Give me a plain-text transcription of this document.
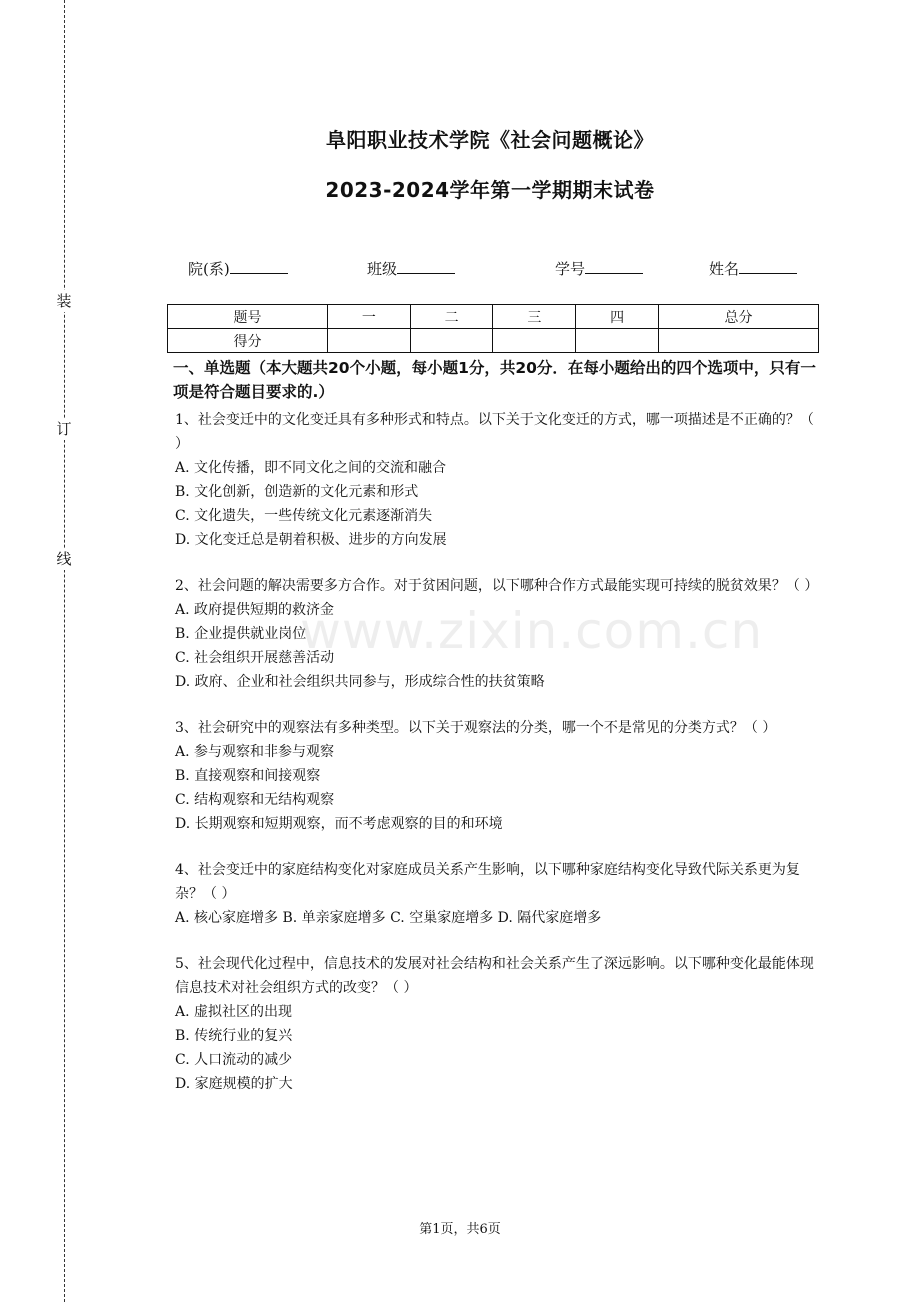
装
订
线
阜阳职业技术学院《社会问题概论》
2023-2024学年第一学期期末试卷
院(系)	班级	学号	姓名
题号	一	二	三	四	总分
得分					
一、单选题（本大题共20个小题，每小题1分，共20分．在每小题给出的四个选项中，只有一项是符合题目要求的.）
1、社会变迁中的文化变迁具有多种形式和特点。以下关于文化变迁的方式，哪一项描述是不正确的？（ ）
A. 文化传播，即不同文化之间的交流和融合
B. 文化创新，创造新的文化元素和形式
C. 文化遗失，一些传统文化元素逐渐消失
D. 文化变迁总是朝着积极、进步的方向发展
2、社会问题的解决需要多方合作。对于贫困问题，以下哪种合作方式最能实现可持续的脱贫效果？（ ）
A. 政府提供短期的救济金
B. 企业提供就业岗位
C. 社会组织开展慈善活动
D. 政府、企业和社会组织共同参与，形成综合性的扶贫策略
3、社会研究中的观察法有多种类型。以下关于观察法的分类，哪一个不是常见的分类方式？（ ）
A. 参与观察和非参与观察
B. 直接观察和间接观察
C. 结构观察和无结构观察
D. 长期观察和短期观察，而不考虑观察的目的和环境
4、社会变迁中的家庭结构变化对家庭成员关系产生影响，以下哪种家庭结构变化导致代际关系更为复杂？（ ）
A. 核心家庭增多 B. 单亲家庭增多 C. 空巢家庭增多 D. 隔代家庭增多
5、社会现代化过程中，信息技术的发展对社会结构和社会关系产生了深远影响。以下哪种变化最能体现信息技术对社会组织方式的改变？（ ）
A. 虚拟社区的出现
B. 传统行业的复兴
C. 人口流动的减少
D. 家庭规模的扩大
www.zixin.com.cn
第1页，共6页
